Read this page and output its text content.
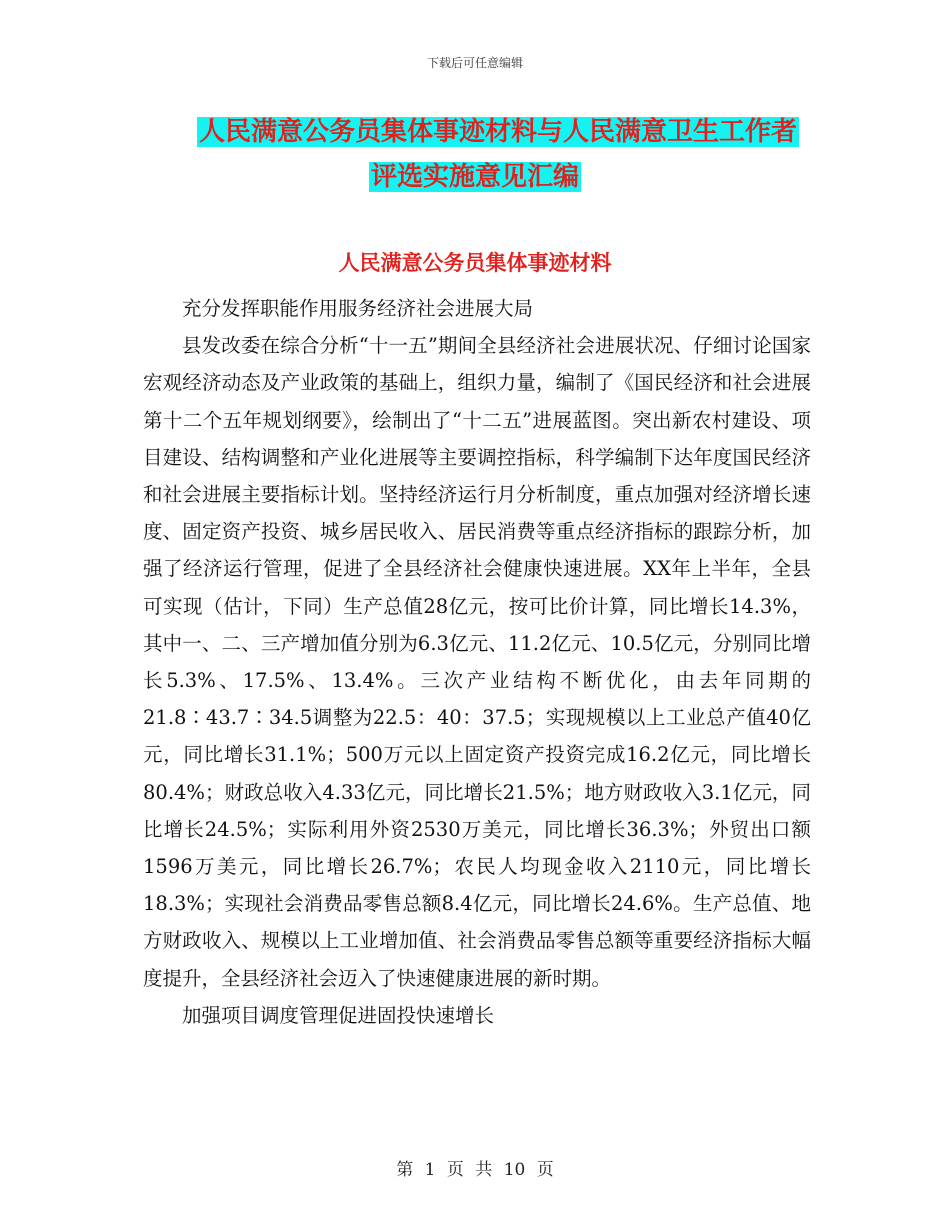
下载后可任意编辑
人民满意公务员集体事迹材料与人民满意卫生工作者
评选实施意见汇编
人民满意公务员集体事迹材料

充分发挥职能作用服务经济社会进展大局

县发改委在综合分析“十一五”期间全县经济社会进展状况、仔细讨论国家宏观经济动态及产业政策的基础上，组织力量，编制了《国民经济和社会进展第十二个五年规划纲要》，绘制出了“十二五”进展蓝图。突出新农村建设、项目建设、结构调整和产业化进展等主要调控指标，科学编制下达年度国民经济和社会进展主要指标计划。坚持经济运行月分析制度，重点加强对经济增长速度、固定资产投资、城乡居民收入、居民消费等重点经济指标的跟踪分析，加强了经济运行管理，促进了全县经济社会健康快速进展。XX年上半年，全县可实现（估计，下同）生产总值28亿元，按可比价计算，同比增长14.3%，其中一、二、三产增加值分别为6.3亿元、11.2亿元、10.5亿元，分别同比增长5.3%、17.5%、13.4%。三次产业结构不断优化，由去年同期的21.8∶43.7∶34.5调整为22.5：40：37.5；实现规模以上工业总产值40亿元，同比增长31.1%；500万元以上固定资产投资完成16.2亿元，同比增长80.4%；财政总收入4.33亿元，同比增长21.5%；地方财政收入3.1亿元，同比增长24.5%；实际利用外资2530万美元，同比增长36.3%；外贸出口额1596万美元，同比增长26.7%；农民人均现金收入2110元，同比增长18.3%；实现社会消费品零售总额8.4亿元，同比增长24.6%。生产总值、地方财政收入、规模以上工业增加值、社会消费品零售总额等重要经济指标大幅度提升，全县经济社会迈入了快速健康进展的新时期。

加强项目调度管理促进固投快速增长

第 1 页 共 10 页
